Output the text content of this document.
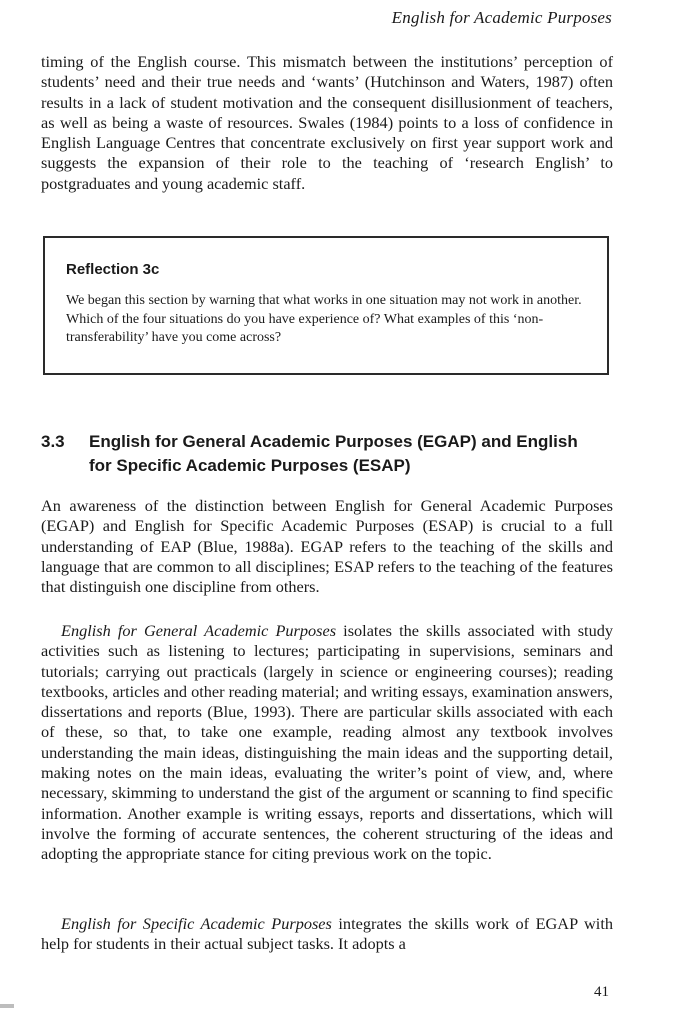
English for Academic Purposes

timing of the English course. This mismatch between the institutions’ perception of students’ need and their true needs and ‘wants’ (Hutchinson and Waters, 1987) often results in a lack of student motivation and the consequent disillusionment of teachers, as well as being a waste of resources. Swales (1984) points to a loss of confidence in English Language Centres that concentrate exclusively on first year support work and suggests the expansion of their role to the teaching of ‘research English’ to postgraduates and young academic staff.

Reflection 3c

We began this section by warning that what works in one situation may not work in another. Which of the four situations do you have experience of? What examples of this ‘non-transferability’ have you come across?

3.3 English for General Academic Purposes (EGAP) and English for Specific Academic Purposes (ESAP)

An awareness of the distinction between English for General Academic Purposes (EGAP) and English for Specific Academic Purposes (ESAP) is crucial to a full understanding of EAP (Blue, 1988a). EGAP refers to the teaching of the skills and language that are common to all disciplines; ESAP refers to the teaching of the features that distinguish one discipline from others.

English for General Academic Purposes isolates the skills associated with study activities such as listening to lectures; participating in supervisions, seminars and tutorials; carrying out practicals (largely in science or engineering courses); reading textbooks, articles and other reading material; and writing essays, examination answers, dissertations and reports (Blue, 1993). There are particular skills associated with each of these, so that, to take one example, reading almost any textbook involves understanding the main ideas, distinguishing the main ideas and the supporting detail, making notes on the main ideas, evaluating the writer’s point of view, and, where necessary, skimming to understand the gist of the argument or scanning to find specific information. Another example is writing essays, reports and dissertations, which will involve the forming of accurate sentences, the coherent structuring of the ideas and adopting the appropriate stance for citing previous work on the topic.

English for Specific Academic Purposes integrates the skills work of EGAP with help for students in their actual subject tasks. It adopts a

41
